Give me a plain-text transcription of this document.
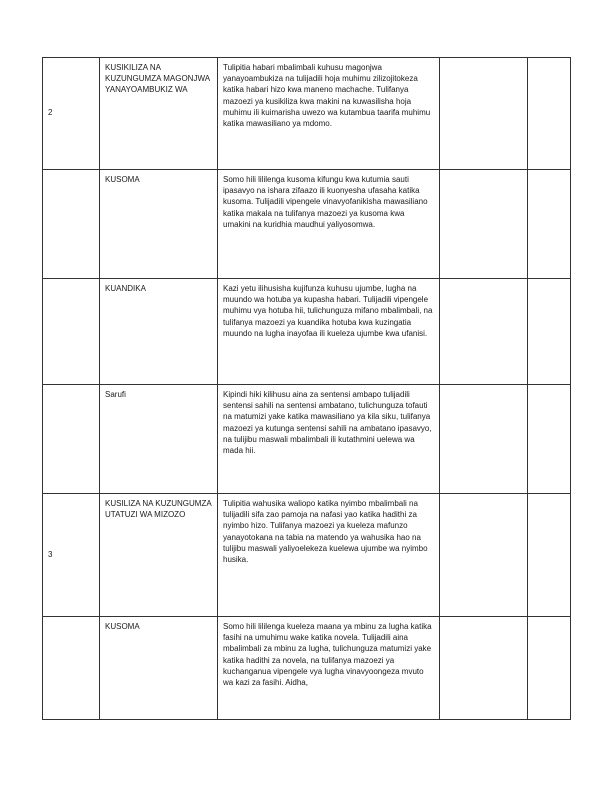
2	KUSIKILIZA NA KUZUNGUMZA MAGONJWA YANAYOAMBUKIZ WA	Tulipitia habari mbalimbali kuhusu magonjwa yanayoambukiza na tulijadili hoja muhimu zilizojitokeza katika habari hizo kwa maneno machache. Tulifanya mazoezi ya kusikiliza kwa makini na kuwasilisha hoja muhimu ili kuimarisha uwezo wa kutambua taarifa muhimu katika mawasiliano ya mdomo.		
	KUSOMA	Somo hili lililenga kusoma kifungu kwa kutumia sauti ipasavyo na ishara zifaazo ili kuonyesha ufasaha katika kusoma. Tulijadili vipengele vinavyofanikisha mawasiliano katika makala na tulifanya mazoezi ya kusoma kwa umakini na kuridhia maudhui yaliyosomwa.		
	KUANDIKA	Kazi yetu ilihusisha kujifunza kuhusu ujumbe, lugha na muundo wa hotuba ya kupasha habari. Tulijadili vipengele muhimu vya hotuba hii, tulichunguza mifano mbalimbali, na tulifanya mazoezi ya kuandika hotuba kwa kuzingatia muundo na lugha inayofaa ili kueleza ujumbe kwa ufanisi.		
	Sarufi	Kipindi hiki kilihusu aina za sentensi ambapo tulijadili sentensi sahili na sentensi ambatano, tulichunguza tofauti na matumizi yake katika mawasiliano ya kila siku, tulifanya mazoezi ya kutunga sentensi sahili na ambatano ipasavyo, na tulijibu maswali mbalimbali ili kutathmini uelewa wa mada hii.		
3	KUSILIZA NA KUZUNGUMZA UTATUZI WA MIZOZO	Tulipitia wahusika waliopo katika nyimbo mbalimbali na tulijadili sifa zao pamoja na nafasi yao katika hadithi za nyimbo hizo. Tulifanya mazoezi ya kueleza mafunzo yanayotokana na tabia na matendo ya wahusika hao na tulijibu maswali yaliyoelekeza kuelewa ujumbe wa nyimbo husika.		
	KUSOMA	Somo hili lililenga kueleza maana ya mbinu za lugha katika fasihi na umuhimu wake katika novela. Tulijadili aina mbalimbali za mbinu za lugha, tulichunguza matumizi yake katika hadithi za novela, na tulifanya mazoezi ya kuchanganua vipengele vya lugha vinavyoongeza mvuto wa kazi za fasihi. Aidha,		
